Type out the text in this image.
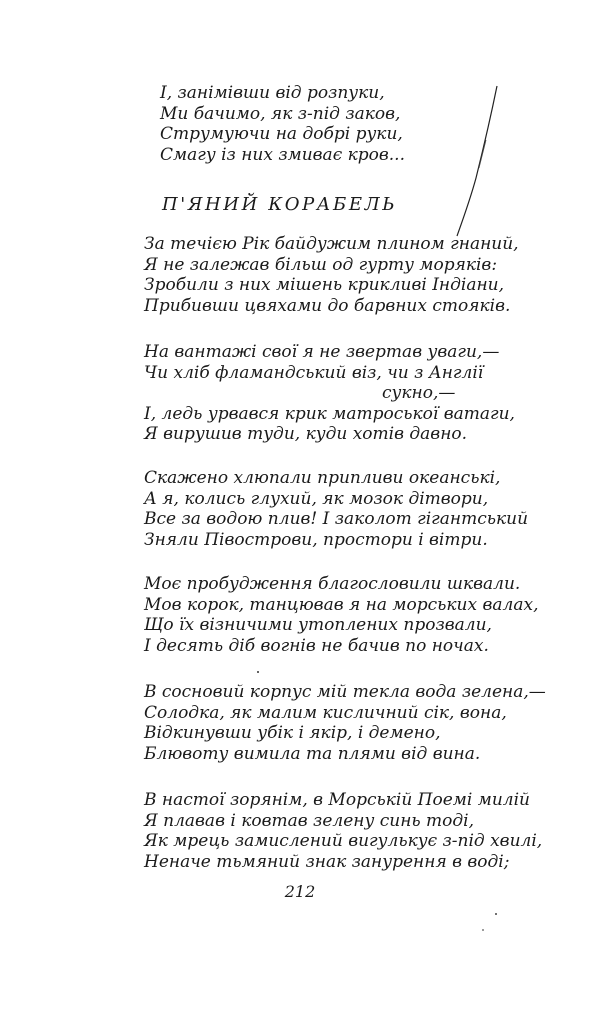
І, занімівши від розпуки,
Ми бачимо, як з-під заков,
Струмуючи на добрі руки,
Смагу із них змиває кров...
П'ЯНИЙ КОРАБЕЛЬ
За течією Рік байдужим плином гнаний,
Я не залежав більш од гурту моряків:
Зробили з них мішень крикливі Індіани,
Прибивши цвяхами до барвних стояків.
На вантажі свої я не звертав уваги,—
Чи хліб фламандський віз, чи з Англії
сукно,—
І, ледь урвався крик матроської ватаги,
Я вирушив туди, куди хотів давно.
Скажено хлюпали припливи океанські,
А я, колись глухий, як мозок дітвори,
Все за водою плив! І заколот гігантський
Зняли Півострови, простори і вітри.
Моє пробудження благословили шквали.
Мов корок, танцював я на морських валах,
Що їх візничими утоплених прозвали,
І десять діб вогнів не бачив по ночах.
В сосновий корпус мій текла вода зелена,—
Солодка, як малим кисличний сік, вона,
Відкинувши убік і якір, і демено,
Блювоту вимила та плями від вина.
В настої зорянім, в Морській Поемі милій
Я плавав і ковтав зелену синь тоді,
Як мрець замислений вигулькує з-під хвилі,
Неначе тьмяний знак занурення в воді;
212
